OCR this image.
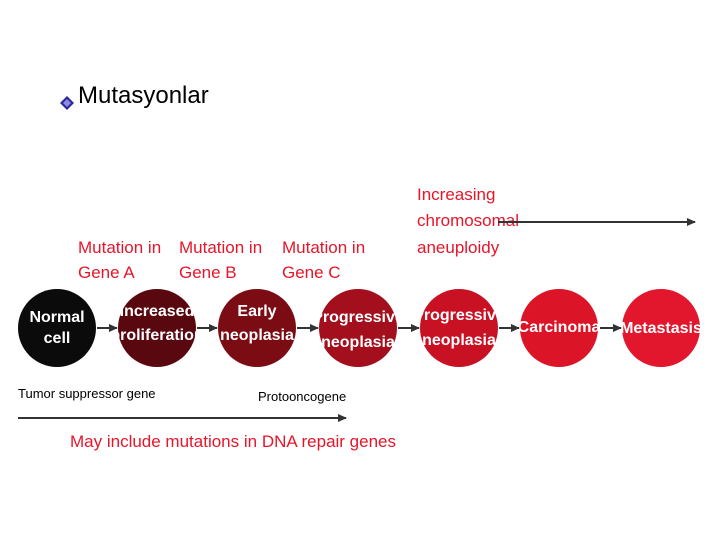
Mutasyonlar
Normal
cell
Increased
proliferation
Early
neoplasia
Progressive
neoplasia
Progressive
neoplasia
Carcinoma Metastasis
Mutation in
Gene A
Mutation in
Gene B
Mutation in
Gene C
Increasing
chromosomal
aneuploidy
Tumor suppressor gene	Protooncogene
May include mutations in DNA repair genes
